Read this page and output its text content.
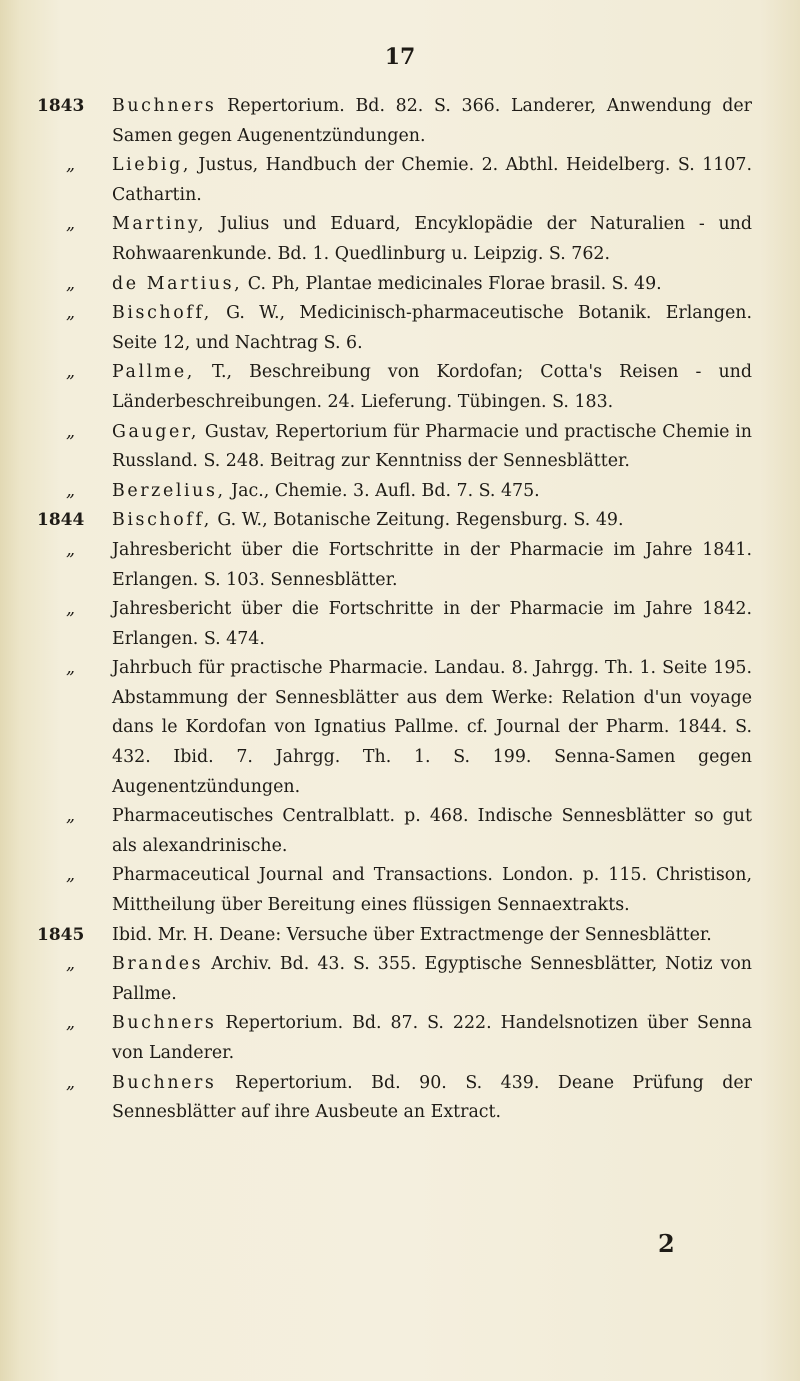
17
1843	Buchners Repertorium. Bd. 82. S. 366. Landerer, Anwendung der Samen gegen Augenentzündungen.
„ Liebig, Justus, Handbuch der Chemie. 2. Abthl. Heidelberg. S. 1107. Cathartin.
„ Martiny, Julius und Eduard, Encyklopädie der Naturalien - und Rohwaarenkunde. Bd. 1. Quedlinburg u. Leipzig. S. 762.
„ de Martius, C. Ph, Plantae medicinales Florae brasil. S. 49.
„ Bischoff, G. W., Medicinisch-pharmaceutische Botanik. Erlangen. Seite 12, und Nachtrag S. 6.
„ Pallme, T., Beschreibung von Kordofan; Cotta's Reisen - und Länderbeschreibungen. 24. Lieferung. Tübingen. S. 183.
„ Gauger, Gustav, Repertorium für Pharmacie und practische Chemie in Russland. S. 248. Beitrag zur Kenntniss der Sennesblätter.
„ Berzelius, Jac., Chemie. 3. Aufl. Bd. 7. S. 475.
1844	Bischoff, G. W., Botanische Zeitung. Regensburg. S. 49.
„ Jahresbericht über die Fortschritte in der Pharmacie im Jahre 1841. Erlangen. S. 103. Sennesblätter.
„ Jahresbericht über die Fortschritte in der Pharmacie im Jahre 1842. Erlangen. S. 474.
„ Jahrbuch für practische Pharmacie. Landau. 8. Jahrgg. Th. 1. Seite 195. Abstammung der Sennesblätter aus dem Werke: Relation d'un voyage dans le Kordofan von Ignatius Pallme. cf. Journal der Pharm. 1844. S. 432. Ibid. 7. Jahrgg. Th. 1. S. 199. Senna-Samen gegen Augenentzündungen.
„ Pharmaceutisches Centralblatt. p. 468. Indische Sennesblätter so gut als alexandrinische.
„ Pharmaceutical Journal and Transactions. London. p. 115. Christison, Mittheilung über Bereitung eines flüssigen Sennaextrakts.
1845	Ibid. Mr. H. Deane: Versuche über Extractmenge der Sennesblätter.
„ Brandes Archiv. Bd. 43. S. 355. Egyptische Sennesblätter, Notiz von Pallme.
„ Buchners Repertorium. Bd. 87. S. 222. Handelsnotizen über Senna von Landerer.
„ Buchners Repertorium. Bd. 90. S. 439. Deane Prüfung der Sennesblätter auf ihre Ausbeute an Extract.
2
